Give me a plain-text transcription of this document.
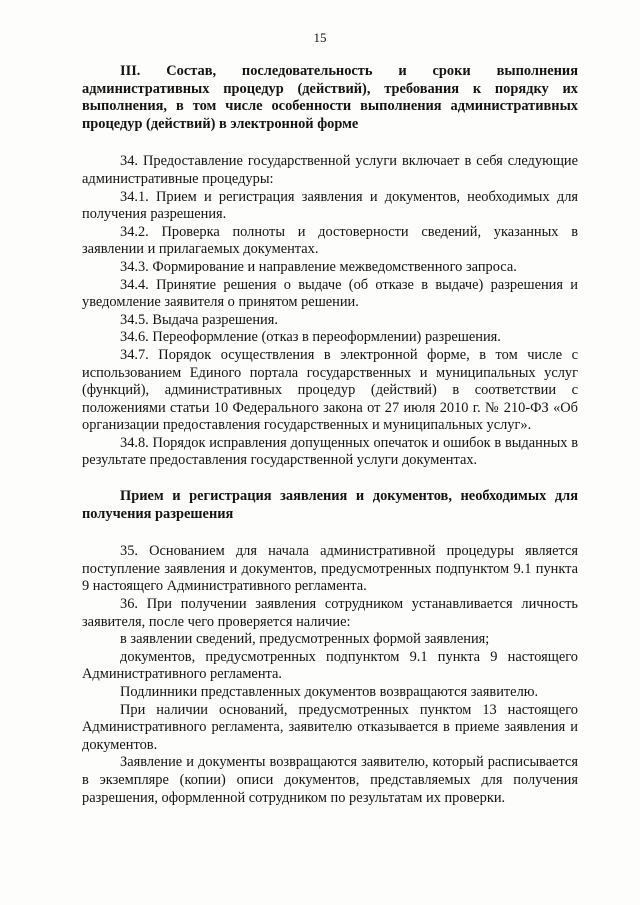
15

III. Состав, последовательность и сроки выполнения административных процедур (действий), требования к порядку их выполнения, в том числе особенности выполнения административных процедур (действий) в электронной форме

34. Предоставление государственной услуги включает в себя следующие административные процедуры:

34.1. Прием и регистрация заявления и документов, необходимых для получения разрешения.

34.2. Проверка полноты и достоверности сведений, указанных в заявлении и прилагаемых документах.

34.3. Формирование и направление межведомственного запроса.

34.4. Принятие решения о выдаче (об отказе в выдаче) разрешения и уведомление заявителя о принятом решении.

34.5. Выдача разрешения.

34.6. Переоформление (отказ в переоформлении) разрешения.

34.7. Порядок осуществления в электронной форме, в том числе с использованием Единого портала государственных и муниципальных услуг (функций), административных процедур (действий) в соответствии с положениями статьи 10 Федерального закона от 27 июля 2010 г. № 210-ФЗ «Об организации предоставления государственных и муниципальных услуг».

34.8. Порядок исправления допущенных опечаток и ошибок в выданных в результате предоставления государственной услуги документах.

Прием и регистрация заявления и документов, необходимых для получения разрешения

35. Основанием для начала административной процедуры является поступление заявления и документов, предусмотренных подпунктом 9.1 пункта 9 настоящего Административного регламента.

36. При получении заявления сотрудником устанавливается личность заявителя, после чего проверяется наличие:

в заявлении сведений, предусмотренных формой заявления;

документов, предусмотренных подпунктом 9.1 пункта 9 настоящего Административного регламента.

Подлинники представленных документов возвращаются заявителю.

При наличии оснований, предусмотренных пунктом 13 настоящего Административного регламента, заявителю отказывается в приеме заявления и документов.

Заявление и документы возвращаются заявителю, который расписывается в экземпляре (копии) описи документов, представляемых для получения разрешения, оформленной сотрудником по результатам их проверки.
